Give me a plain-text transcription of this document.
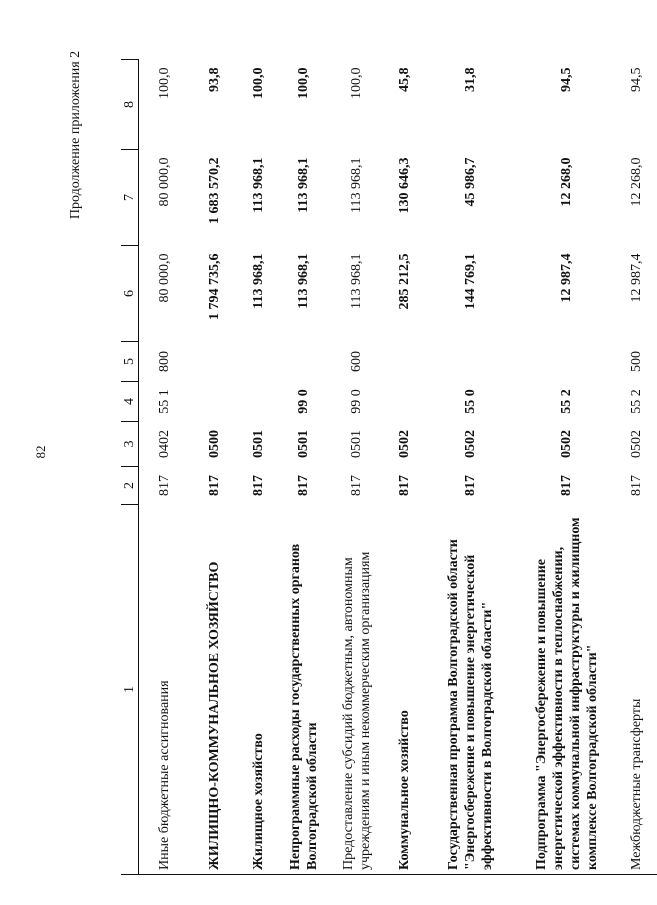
82
Продолжение приложения 2
1	2	3	4	5	6	7	8
Иные бюджетные ассигнования	817	0402	55 1	800	80 000,0	80 000,0	100,0
ЖИЛИЩНО-КОММУНАЛЬНОЕ ХОЗЯЙСТВО	817	0500			1 794 735,6	1 683 570,2	93,8
Жилищное хозяйство	817	0501			113 968,1	113 968,1	100,0
Непрограммные расходы государственных органов Волгоградской области	817	0501	99 0		113 968,1	113 968,1	100,0
Предоставление субсидий бюджетным, автономным учреждениям и иным некоммерческим организациям	817	0501	99 0	600	113 968,1	113 968,1	100,0
Коммунальное хозяйство	817	0502			285 212,5	130 646,3	45,8
Государственная программа Волгоградской области "Энергосбережение и повышение энергетической эффективности в Волгоградской области"	817	0502	55 0		144 769,1	45 986,7	31,8
Подпрограмма "Энергосбережение и повышение энергетической эффективности в теплоснабжении, системах коммунальной инфраструктуры и жилищном комплексе Волгоградской области"	817	0502	55 2		12 987,4	12 268,0	94,5
Межбюджетные трансферты	817	0502	55 2	500	12 987,4	12 268,0	94,5
